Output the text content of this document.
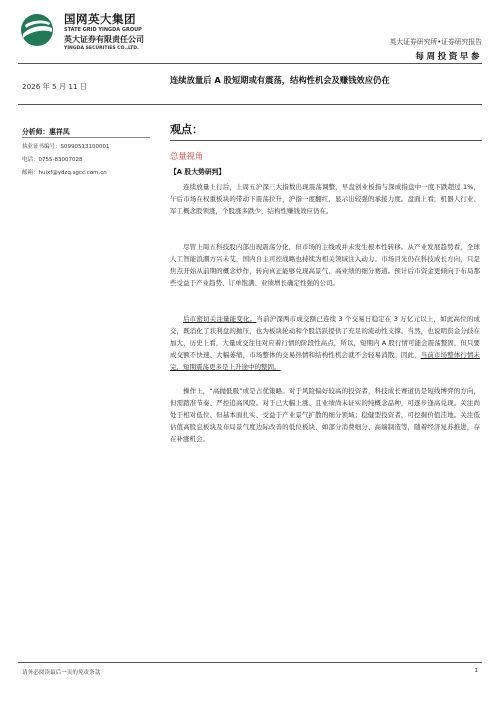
国网英大集团
STATE GRID YINGDA GROUP
英大证券有限责任公司
YINGDA SECURITIES CO.,LTD.
英大证券研究所•证券研究报告
每周投资早参
2026 年 5 月 11 日
连续放量后 A 股短期或有震荡，结构性机会及赚钱效应仍在
分析师：惠祥凤
执业证书编号：S0990513100001
电话：0755-83007028
邮箱：huixf@ydzq.sgcc.com.cn
观点：
总量视角
【A 股大势研判】

连续放量上行后，上周五沪深三大指数出现震荡调整，早盘创业板指与深成指盘中一度下跌超过 1%，午后市场在权重板块的带动下震荡拉升，沪指一度翻红，显示出较强的承接力度。盘面上看，机器人行业、军工概念股领涨，个股涨多跌少，结构性赚钱效应仍在。

尽管上周五科技股内部出现震荡分化，但市场的主线或并未发生根本性转移。从产业发展趋势看，全球人工智能浪潮方兴未艾，国内自主可控战略也持续为相关领域注入动力。市场目光仍在科技成长方向，只是焦点开始从前期的概念炒作，转向真正能够兑现高景气、高业绩的细分赛道。预计后市资金更倾向于布局那些受益于产业趋势、订单饱满、业绩增长确定性强的公司。

后市密切关注量能变化。当前沪深两市成交额已连续 3 个交易日稳定在 3 万亿元以上，如此高位的成交，既消化了获利盘的抛压，也为板块轮动和个股活跃提供了充足的流动性支撑。当然，也说明资金分歧在加大，历史上看，大量成交往往对应着行情的阶段性高点，所以，短期内 A 股行情可能会震荡整固，但只要成交额不快速、大幅萎缩，市场整体的交易热情和结构性机会就不会轻易消散。因此，当前市场整体行情未完，短期震荡更多是上升途中的整固。

操作上，“高抛低吸”或是占优策略。对于风险偏好较高的投资者，科技成长赛道仍是短线博弈的方向，但需踏准节奏、严控追高风险。对于已大幅上涨、且业绩尚未证实的纯概念品种，可逐步逢高兑现。关注尚处于相对低位、但基本面扎实、受益于产业景气扩散的细分领域；稳健型投资者，可挖掘价值洼地。关注低估值高股息板块及布局景气度边际改善的低位板块，如部分消费细分、高端制造等，随着经济复苏推进，存在补涨机会。

请务必阅读最后一页的免责条款	1
